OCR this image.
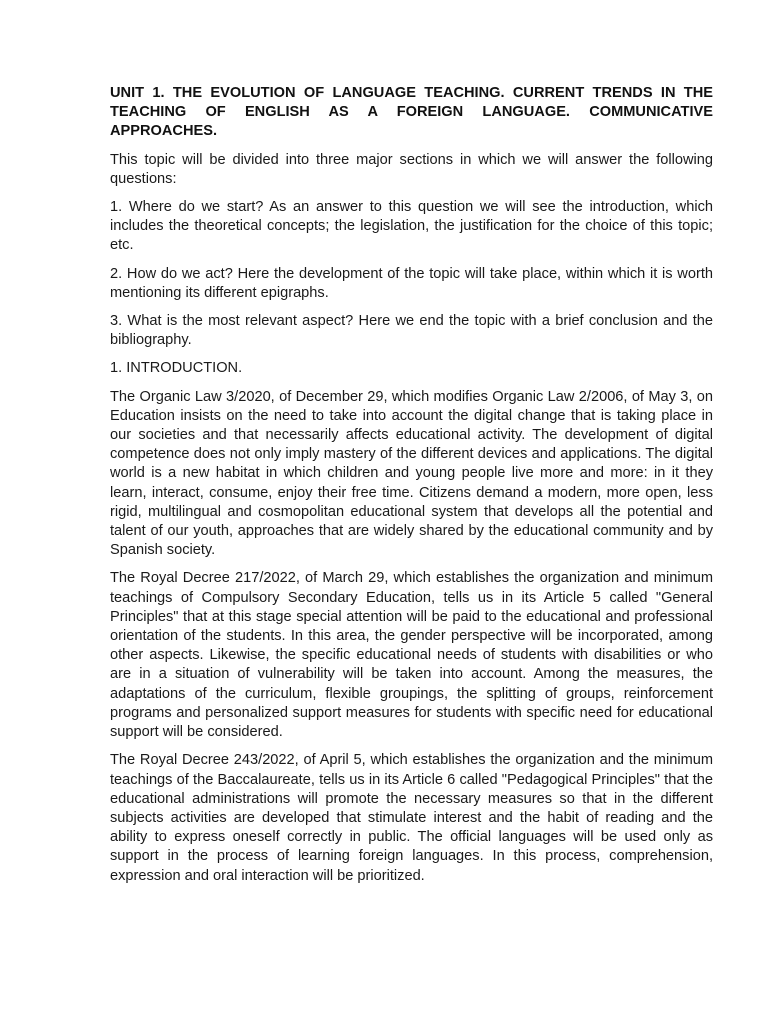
UNIT 1. THE EVOLUTION OF LANGUAGE TEACHING. CURRENT TRENDS IN THE TEACHING OF ENGLISH AS A FOREIGN LANGUAGE. COMMUNICATIVE APPROACHES.

This topic will be divided into three major sections in which we will answer the following questions:

1. Where do we start? As an answer to this question we will see the introduction, which includes the theoretical concepts; the legislation, the justification for the choice of this topic; etc.

2. How do we act? Here the development of the topic will take place, within which it is worth mentioning its different epigraphs.

3. What is the most relevant aspect? Here we end the topic with a brief conclusion and the bibliography.

1. INTRODUCTION.

The Organic Law 3/2020, of December 29, which modifies Organic Law 2/2006, of May 3, on Education insists on the need to take into account the digital change that is taking place in our societies and that necessarily affects educational activity. The development of digital competence does not only imply mastery of the different devices and applications. The digital world is a new habitat in which children and young people live more and more: in it they learn, interact, consume, enjoy their free time. Citizens demand a modern, more open, less rigid, multilingual and cosmopolitan educational system that develops all the potential and talent of our youth, approaches that are widely shared by the educational community and by Spanish society.

The Royal Decree 217/2022, of March 29, which establishes the organization and minimum teachings of Compulsory Secondary Education, tells us in its Article 5 called "General Principles" that at this stage special attention will be paid to the educational and professional orientation of the students. In this area, the gender perspective will be incorporated, among other aspects. Likewise, the specific educational needs of students with disabilities or who are in a situation of vulnerability will be taken into account. Among the measures, the adaptations of the curriculum, flexible groupings, the splitting of groups, reinforcement programs and personalized support measures for students with specific need for educational support will be considered.

The Royal Decree 243/2022, of April 5, which establishes the organization and the minimum teachings of the Baccalaureate, tells us in its Article 6 called "Pedagogical Principles" that the educational administrations will promote the necessary measures so that in the different subjects activities are developed that stimulate interest and the habit of reading and the ability to express oneself correctly in public. The official languages will be used only as support in the process of learning foreign languages. In this process, comprehension, expression and oral interaction will be prioritized.
